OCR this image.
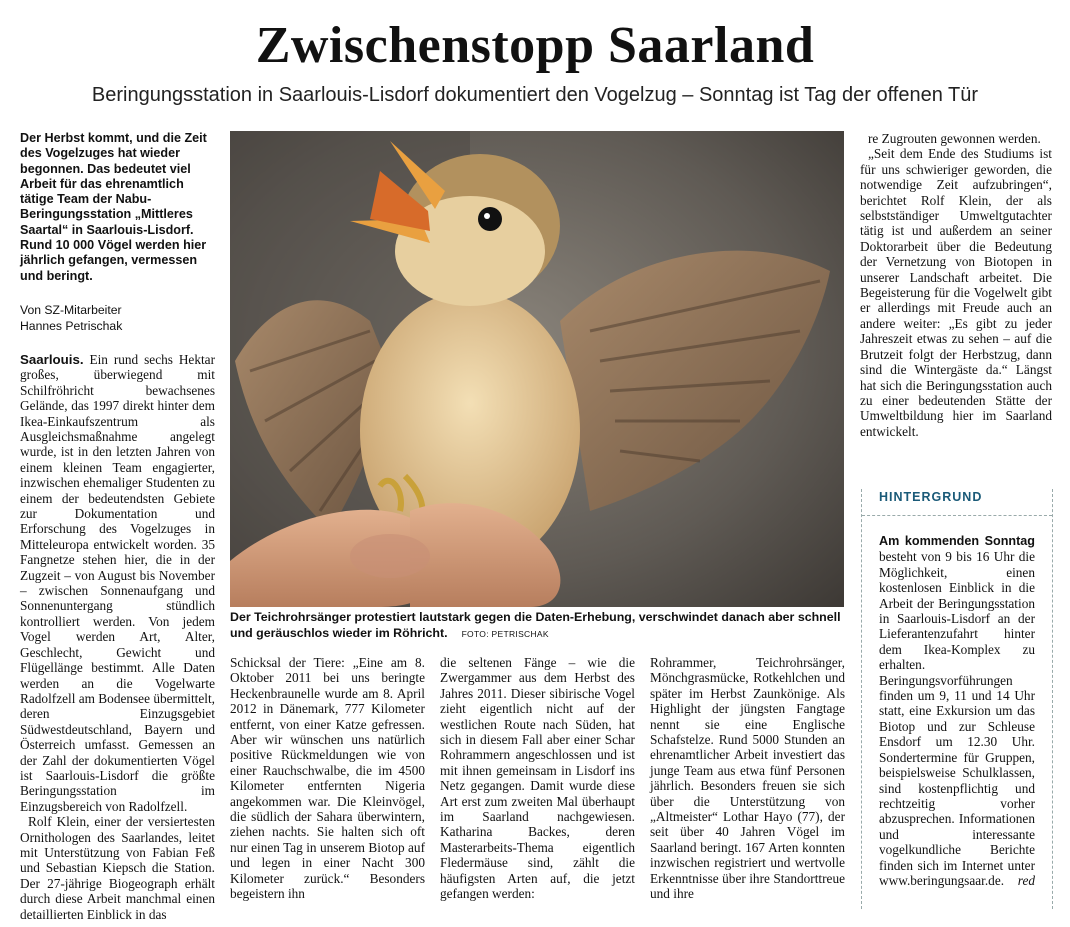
Zwischenstopp Saarland
Beringungsstation in Saarlouis-Lisdorf dokumentiert den Vogelzug – Sonntag ist Tag der offenen Tür
Der Herbst kommt, und die Zeit des Vogelzuges hat wieder begonnen. Das bedeutet viel Arbeit für das ehrenamtlich tätige Team der Nabu-Beringungsstation „Mittleres Saartal“ in Saarlouis-Lisdorf. Rund 10 000 Vögel werden hier jährlich gefangen, vermessen und beringt.
Von SZ-Mitarbeiter
Hannes Petrischak

Saarlouis. Ein rund sechs Hektar großes, überwiegend mit Schilfröhricht bewachsenes Gelände, das 1997 direkt hinter dem Ikea-Einkaufszentrum als Ausgleichsmaßnahme angelegt wurde, ist in den letzten Jahren von einem kleinen Team engagierter, inzwischen ehemaliger Studenten zu einem der bedeutendsten Gebiete zur Dokumentation und Erforschung des Vogelzuges in Mitteleuropa entwickelt worden. 35 Fangnetze stehen hier, die in der Zugzeit – von August bis November – zwischen Sonnenaufgang und Sonnenuntergang stündlich kontrolliert werden. Von jedem Vogel werden Art, Alter, Geschlecht, Gewicht und Flügellänge bestimmt. Alle Daten werden an die Vogelwarte Radolfzell am Bodensee übermittelt, deren Einzugsgebiet Südwestdeutschland, Bayern und Österreich umfasst. Gemessen an der Zahl der dokumentierten Vögel ist Saarlouis-Lisdorf die größte Beringungsstation im Einzugsbereich von Radolfzell.

Rolf Klein, einer der versiertesten Ornithologen des Saarlandes, leitet mit Unterstützung von Fabian Feß und Sebastian Kiepsch die Station. Der 27-jährige Biogeograph erhält durch diese Arbeit manchmal einen detaillierten Einblick in das

Der Teichrohrsänger protestiert lautstark gegen die Daten-Erhebung, verschwindet danach aber schnell und geräuschlos wieder im Röhricht. FOTO: PETRISCHAK

Schicksal der Tiere: „Eine am 8. Oktober 2011 bei uns beringte Heckenbraunelle wurde am 8. April 2012 in Dänemark, 777 Kilometer entfernt, von einer Katze gefressen. Aber wir wünschen uns natürlich positive Rückmeldungen wie von einer Rauchschwalbe, die im 4500 Kilometer entfernten Nigeria angekommen war. Die Kleinvögel, die südlich der Sahara überwintern, ziehen nachts. Sie halten sich oft nur einen Tag in unserem Biotop auf und legen in einer Nacht 300 Kilometer zurück.“ Besonders begeistern ihn

die seltenen Fänge – wie die Zwergammer aus dem Herbst des Jahres 2011. Dieser sibirische Vogel zieht eigentlich nicht auf der westlichen Route nach Süden, hat sich in diesem Fall aber einer Schar Rohrammern angeschlossen und ist mit ihnen gemeinsam in Lisdorf ins Netz gegangen. Damit wurde diese Art erst zum zweiten Mal überhaupt im Saarland nachgewiesen. Katharina Backes, deren Masterarbeits-Thema eigentlich Fledermäuse sind, zählt die häufigsten Arten auf, die jetzt gefangen werden:

Rohrammer, Teichrohrsänger, Mönchgrasmücke, Rotkehlchen und später im Herbst Zaunkönige. Als Highlight der jüngsten Fangtage nennt sie eine Englische Schafstelze. Rund 5000 Stunden an ehrenamtlicher Arbeit investiert das junge Team aus etwa fünf Personen jährlich. Besonders freuen sie sich über die Unterstützung von „Altmeister“ Lothar Hayo (77), der seit über 40 Jahren Vögel im Saarland beringt. 167 Arten konnten inzwischen registriert und wertvolle Erkenntnisse über ihre Standorttreue und ihre

re Zugrouten gewonnen werden.

„Seit dem Ende des Studiums ist für uns schwieriger geworden, die notwendige Zeit aufzubringen“, berichtet Rolf Klein, der als selbstständiger Umweltgutachter tätig ist und außerdem an seiner Doktorarbeit über die Bedeutung der Vernetzung von Biotopen in unserer Landschaft arbeitet. Die Begeisterung für die Vogelwelt gibt er allerdings mit Freude auch an andere weiter: „Es gibt zu jeder Jahreszeit etwas zu sehen – auf die Brutzeit folgt der Herbstzug, dann sind die Wintergäste da.“ Längst hat sich die Beringungsstation auch zu einer bedeutenden Stätte der Umweltbildung hier im Saarland entwickelt.

HINTERGRUND
Am kommenden Sonntag besteht von 9 bis 16 Uhr die Möglichkeit, einen kostenlosen Einblick in die Arbeit der Beringungsstation in Saarlouis-Lisdorf an der Lieferantenzufahrt hinter dem Ikea-Komplex zu erhalten. Beringungsvorführungen finden um 9, 11 und 14 Uhr statt, eine Exkursion um das Biotop und zur Schleuse Ensdorf um 12.30 Uhr. Sondertermine für Gruppen, beispielsweise Schulklassen, sind kostenpflichtig und rechtzeitig vorher abzusprechen. Informationen und interessante vogelkundliche Berichte finden sich im Internet unter www.beringungsaar.de. red
